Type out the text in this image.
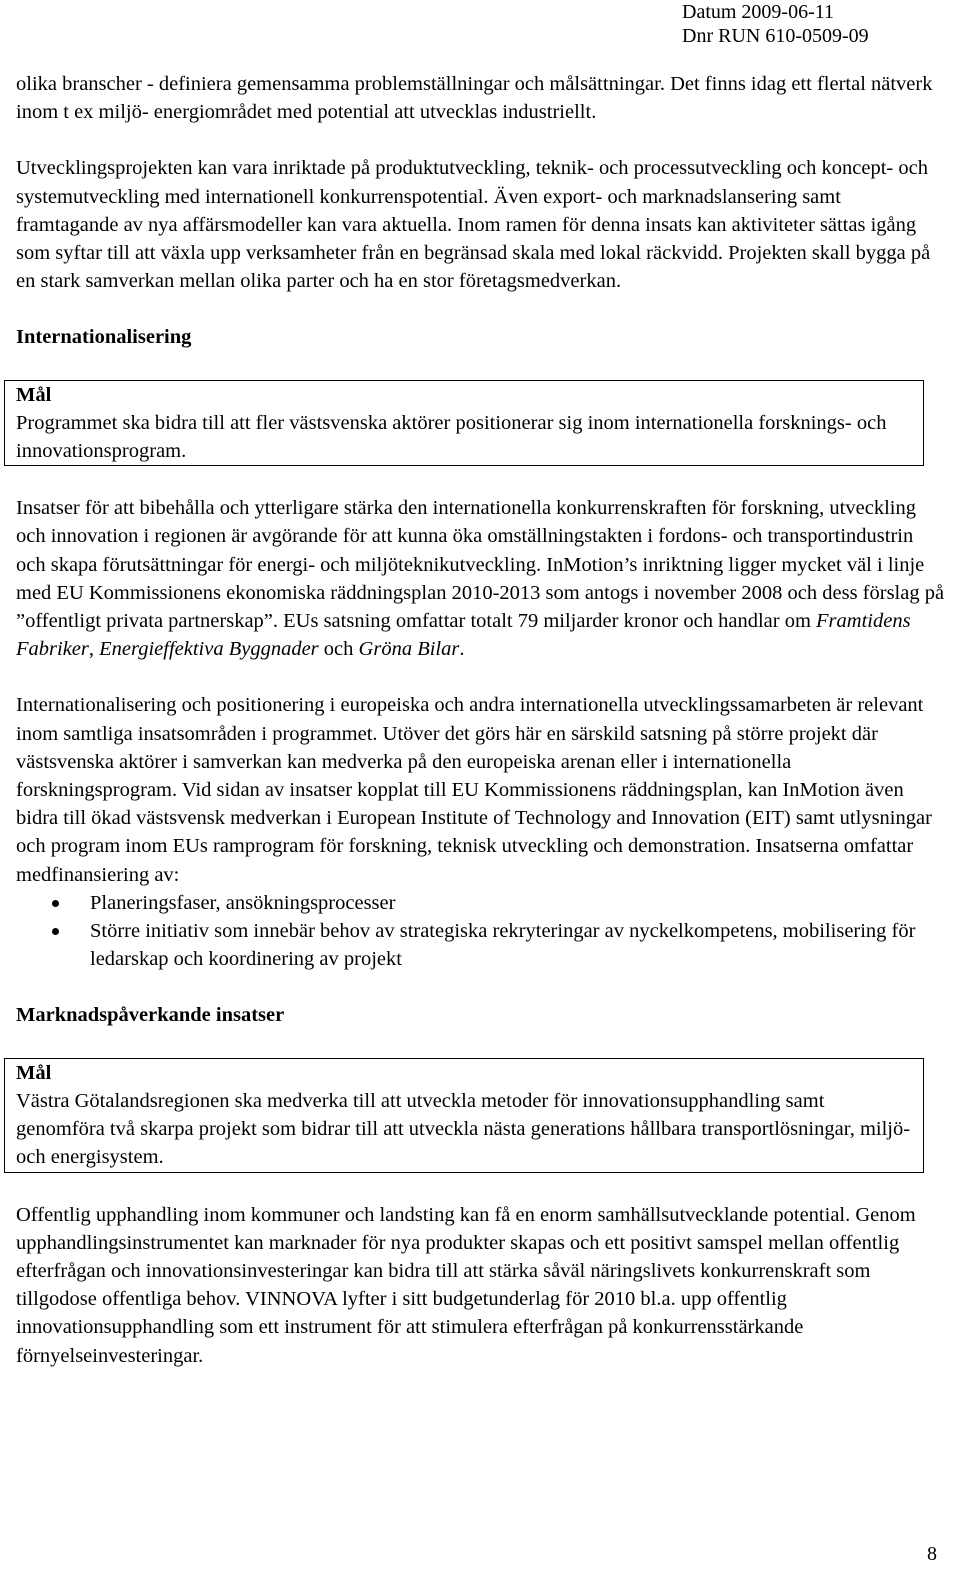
Datum 2009-06-11
Dnr RUN 610-0509-09

olika branscher - definiera gemensamma problemställningar och målsättningar. Det finns idag ett flertal nätverk inom t ex miljö- energiområdet med potential att utvecklas industriellt.

Utvecklingsprojekten kan vara inriktade på produktutveckling, teknik- och processutveckling och koncept- och systemutveckling med internationell konkurrenspotential. Även export- och marknadslansering samt framtagande av nya affärsmodeller kan vara aktuella. Inom ramen för denna insats kan aktiviteter sättas igång som syftar till att växla upp verksamheter från en begränsad skala med lokal räckvidd. Projekten skall bygga på en stark samverkan mellan olika parter och ha en stor företagsmedverkan.

Internationalisering
Mål
Programmet ska bidra till att fler västsvenska aktörer positionerar sig inom internationella forsknings- och innovationsprogram.

Insatser för att bibehålla och ytterligare stärka den internationella konkurrenskraften för forskning, utveckling och innovation i regionen är avgörande för att kunna öka omställningstakten i fordons- och transportindustrin och skapa förutsättningar för energi- och miljöteknikutveckling. InMotion’s inriktning ligger mycket väl i linje med EU Kommissionens ekonomiska räddningsplan 2010-2013 som antogs i november 2008 och dess förslag på ”offentligt privata partnerskap”. EUs satsning omfattar totalt 79 miljarder kronor och handlar om Framtidens Fabriker, Energieffektiva Byggnader och Gröna Bilar.

Internationalisering och positionering i europeiska och andra internationella utvecklingssamarbeten är relevant inom samtliga insatsområden i programmet. Utöver det görs här en särskild satsning på större projekt där västsvenska aktörer i samverkan kan medverka på den europeiska arenan eller i internationella forskningsprogram. Vid sidan av insatser kopplat till EU Kommissionens räddningsplan, kan InMotion även bidra till ökad västsvensk medverkan i European Institute of Technology and Innovation (EIT) samt utlysningar och program inom EUs ramprogram för forskning, teknisk utveckling och demonstration. Insatserna omfattar medfinansiering av:

Planeringsfaser, ansökningsprocesser
Större initiativ som innebär behov av strategiska rekryteringar av nyckelkompetens, mobilisering för ledarskap och koordinering av projekt
Marknadspåverkande insatser
Mål
Västra Götalandsregionen ska medverka till att utveckla metoder för innovationsupphandling samt genomföra två skarpa projekt som bidrar till att utveckla nästa generations hållbara transportlösningar, miljö- och energisystem.

Offentlig upphandling inom kommuner och landsting kan få en enorm samhällsutvecklande potential. Genom upphandlingsinstrumentet kan marknader för nya produkter skapas och ett positivt samspel mellan offentlig efterfrågan och innovationsinvesteringar kan bidra till att stärka såväl näringslivets konkurrenskraft som tillgodose offentliga behov. VINNOVA lyfter i sitt budgetunderlag för 2010 bl.a. upp offentlig innovationsupphandling som ett instrument för att stimulera efterfrågan på konkurrensstärkande förnyelseinvesteringar.

8
